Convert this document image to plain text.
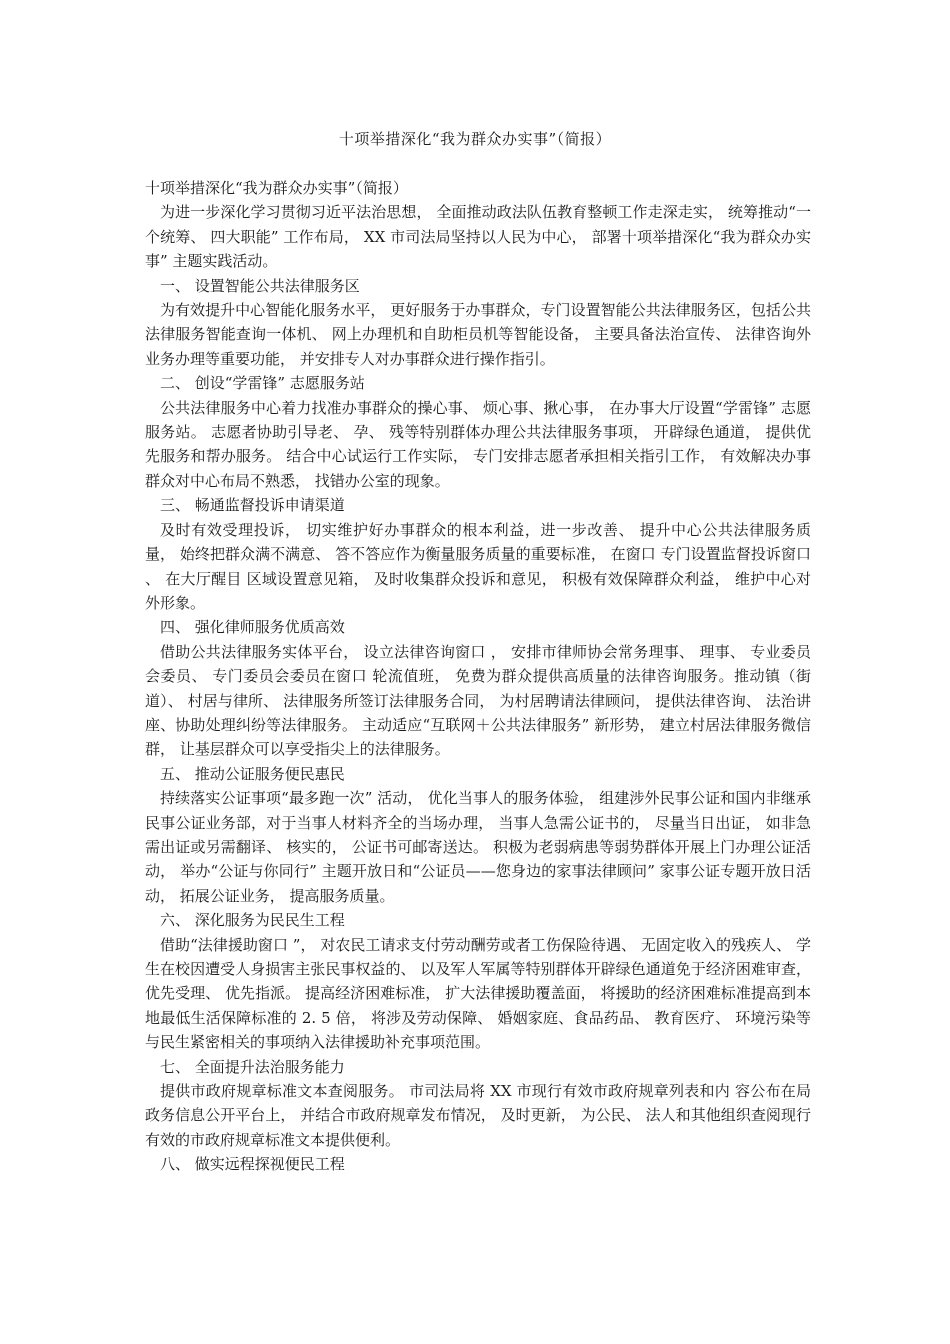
十项举措深化“我为群众办实事”（简报）

十项举措深化“我为群众办实事”（简报）

为进一步深化学习贯彻习近平法治思想， 全面推动政法队伍教育整顿工作走深走实， 统筹推动“一个统筹、 四大职能” 工作布局， XX 市司法局坚持以人民为中心， 部署十项举措深化“我为群众办实事” 主题实践活动。

一、 设置智能公共法律服务区

为有效提升中心智能化服务水平， 更好服务于办事群众，专门设置智能公共法律服务区，包括公共法律服务智能查询一体机、 网上办理机和自助柜员机等智能设备， 主要具备法治宣传、 法律咨询外业务办理等重要功能， 并安排专人对办事群众进行操作指引。

二、 创设“学雷锋” 志愿服务站

公共法律服务中心着力找准办事群众的操心事、 烦心事、揪心事， 在办事大厅设置“学雷锋” 志愿服务站。 志愿者协助引导老、 孕、 残等特别群体办理公共法律服务事项， 开辟绿色通道， 提供优先服务和帮办服务。 结合中心试运行工作实际， 专门安排志愿者承担相关指引工作， 有效解决办事群众对中心布局不熟悉， 找错办公室的现象。

三、 畅通监督投诉申请渠道

及时有效受理投诉， 切实维护好办事群众的根本利益，进一步改善、 提升中心公共法律服务质量， 始终把群众满不满意、 答不答应作为衡量服务质量的重要标准， 在窗口 专门设置监督投诉窗口 、 在大厅醒目 区域设置意见箱， 及时收集群众投诉和意见， 积极有效保障群众利益， 维护中心对外形象。

四、 强化律师服务优质高效

借助公共法律服务实体平台， 设立法律咨询窗口 ， 安排市律师协会常务理事、 理事、 专业委员会委员、 专门委员会委员在窗口 轮流值班， 免费为群众提供高质量的法律咨询服务。推动镇（街道）、 村居与律所、 法律服务所签订法律服务合同， 为村居聘请法律顾问， 提供法律咨询、 法治讲座、协助处理纠纷等法律服务。 主动适应“互联网＋公共法律服务” 新形势， 建立村居法律服务微信群， 让基层群众可以享受指尖上的法律服务。

五、 推动公证服务便民惠民

持续落实公证事项“最多跑一次” 活动， 优化当事人的服务体验， 组建涉外民事公证和国内非继承民事公证业务部，对于当事人材料齐全的当场办理， 当事人急需公证书的， 尽量当日出证， 如非急需出证或另需翻译、 核实的， 公证书可邮寄送达。 积极为老弱病患等弱势群体开展上门办理公证活动， 举办“公证与你同行” 主题开放日和“公证员——您身边的家事法律顾问” 家事公证专题开放日活动， 拓展公证业务， 提高服务质量。

六、 深化服务为民民生工程

借助“法律援助窗口 ”， 对农民工请求支付劳动酬劳或者工伤保险待遇、 无固定收入的残疾人、 学生在校因遭受人身损害主张民事权益的、 以及军人军属等特别群体开辟绿色通道免于经济困难审查， 优先受理、 优先指派。 提高经济困难标准， 扩大法律援助覆盖面， 将援助的经济困难标准提高到本地最低生活保障标准的 2. 5 倍， 将涉及劳动保障、 婚姻家庭、食品药品、 教育医疗、 环境污染等与民生紧密相关的事项纳入法律援助补充事项范围。

七、 全面提升法治服务能力

提供市政府规章标准文本查阅服务。 市司法局将 XX 市现行有效市政府规章列表和内 容公布在局政务信息公开平台上， 并结合市政府规章发布情况， 及时更新， 为公民、 法人和其他组织查阅现行有效的市政府规章标准文本提供便利。

八、 做实远程探视便民工程
